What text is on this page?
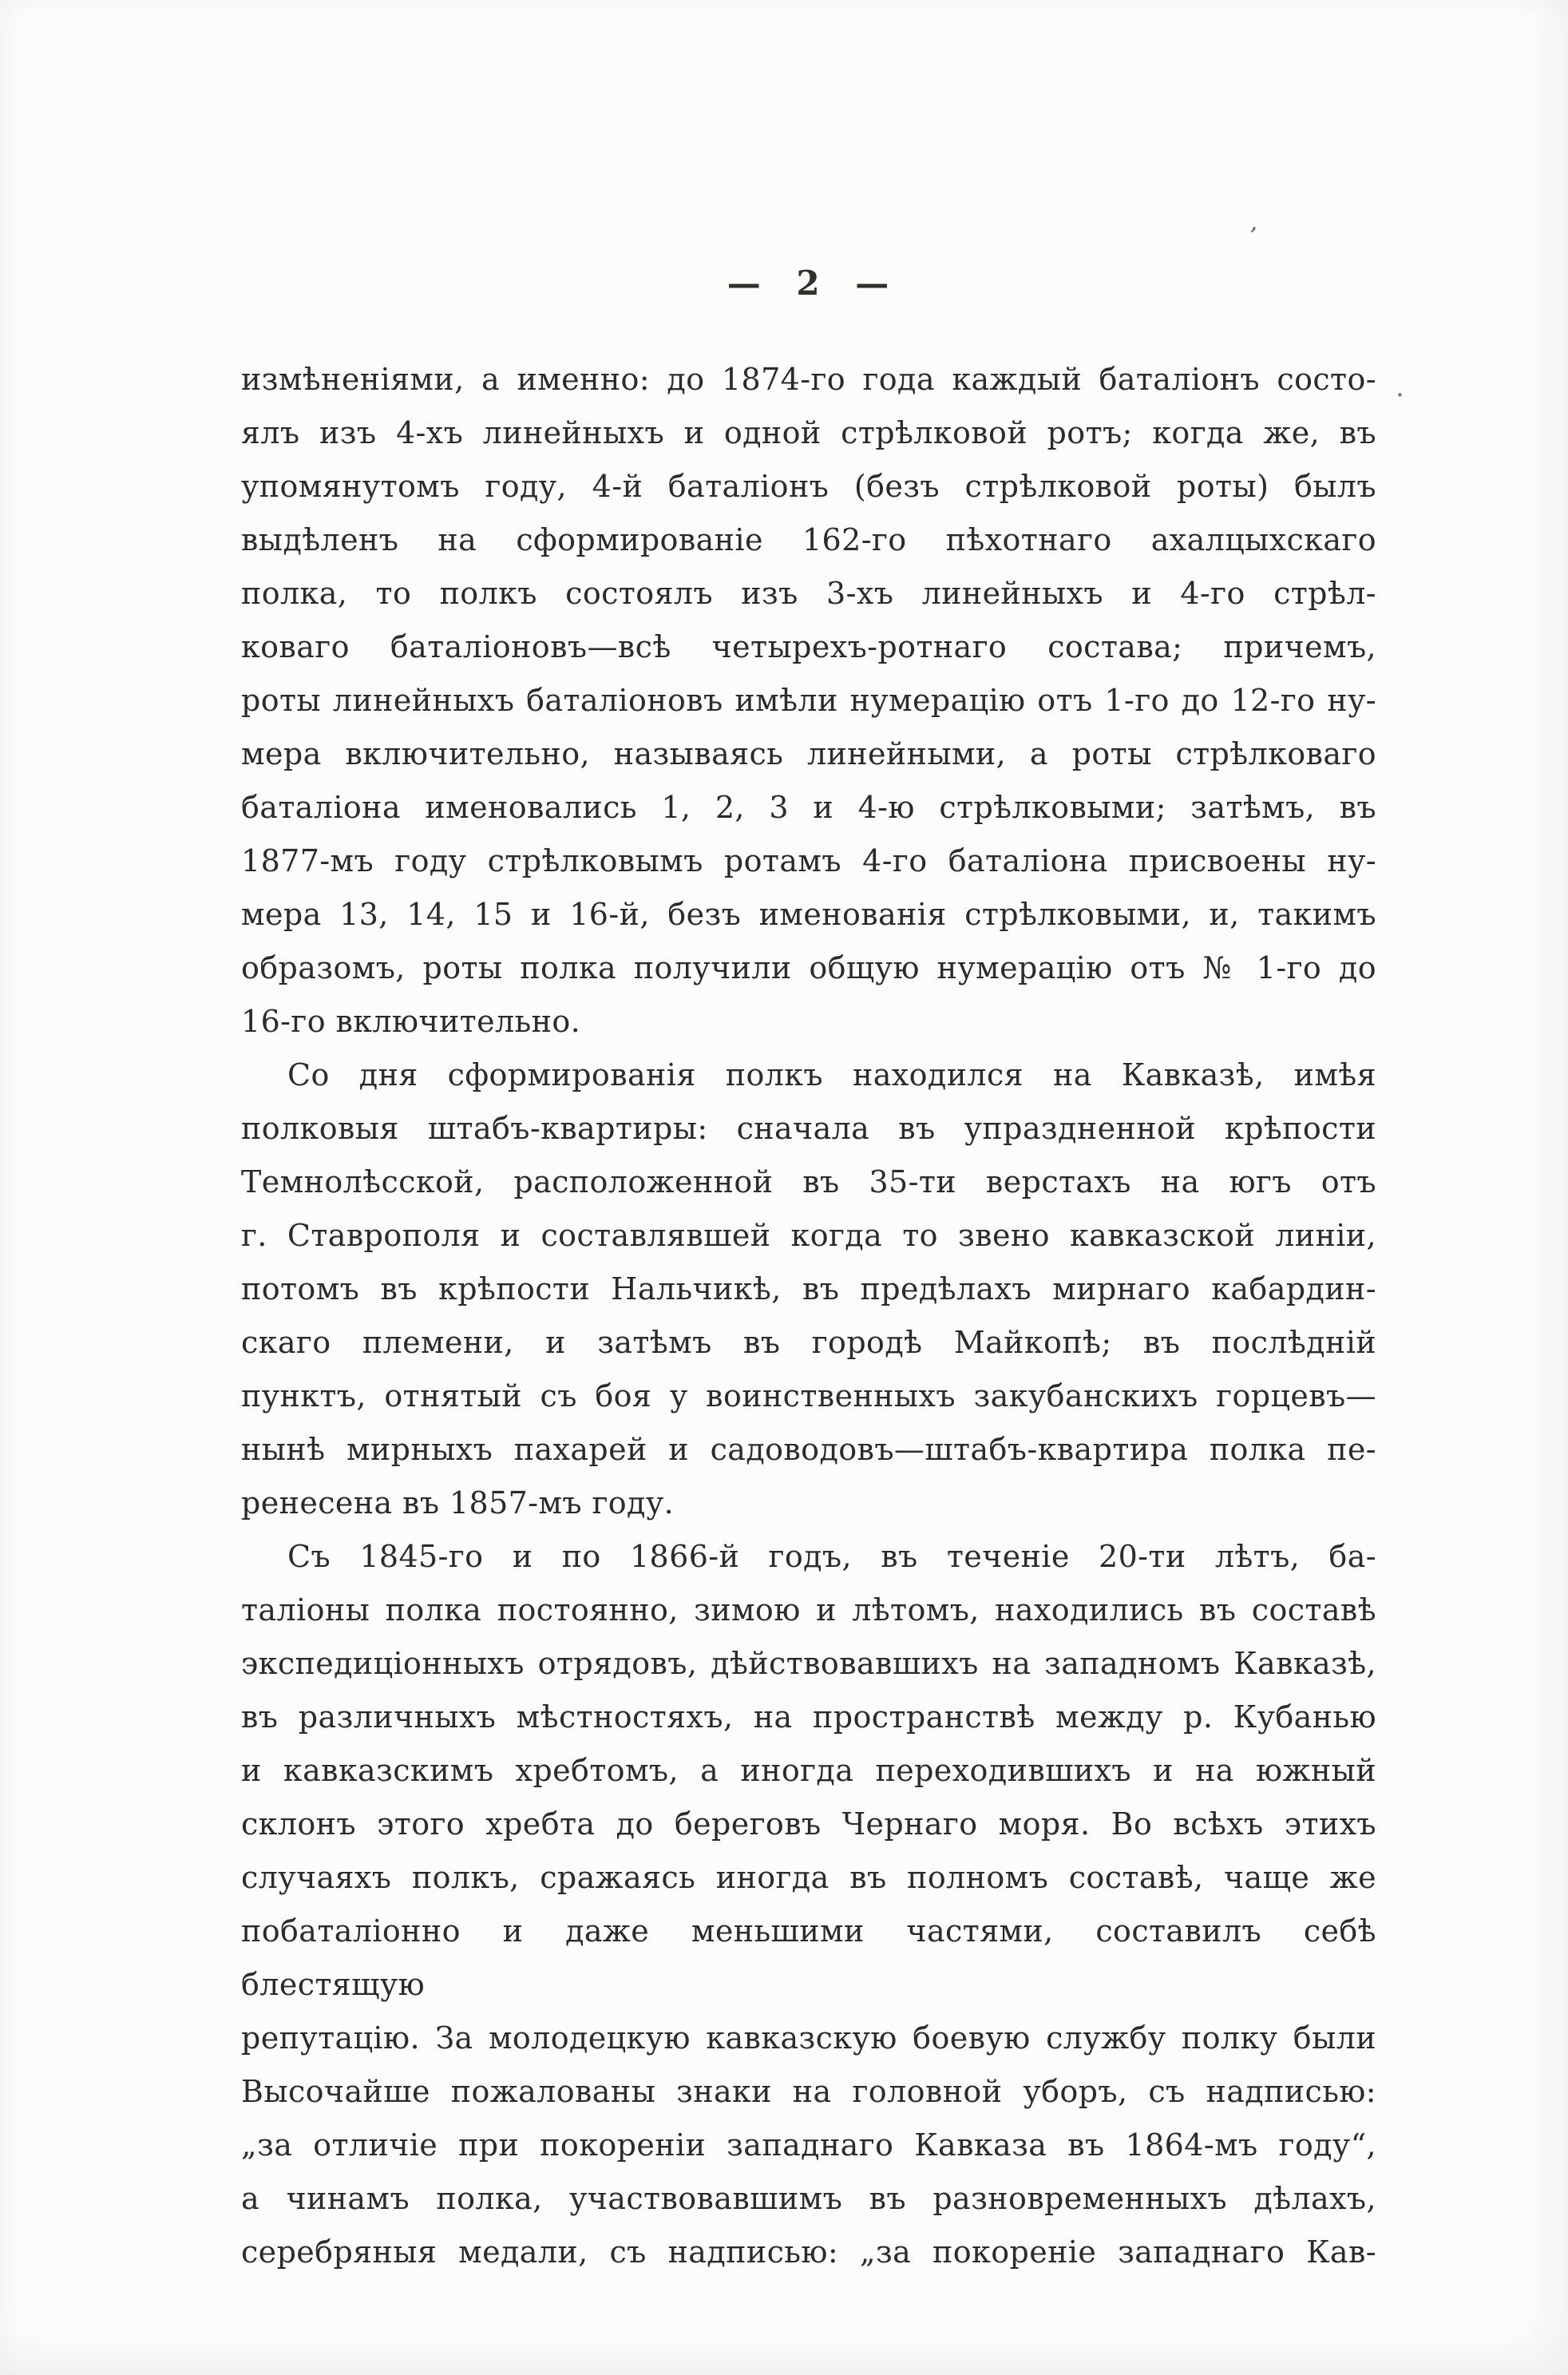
ʼ
.
— 2 —
измѣненіями, а именно: до 1874-го года каждый баталіонъ состо-
ялъ изъ 4-хъ линейныхъ и одной стрѣлковой ротъ; когда же, въ
упомянутомъ году, 4-й баталіонъ (безъ стрѣлковой роты) былъ
выдѣленъ на сформированіе 162-го пѣхотнаго ахалцыхскаго
полка, то полкъ состоялъ изъ 3-хъ линейныхъ и 4-го стрѣл-
коваго баталіоновъ—всѣ четырехъ-ротнаго состава; причемъ,
роты линейныхъ баталіоновъ имѣли нумерацію отъ 1-го до 12-го ну-
мера включительно, называясь линейными, а роты стрѣлковаго
баталіона именовались 1, 2, 3 и 4-ю стрѣлковыми; затѣмъ, въ
1877-мъ году стрѣлковымъ ротамъ 4-го баталіона присвоены ну-
мера 13, 14, 15 и 16-й, безъ именованія стрѣлковыми, и, такимъ
образомъ, роты полка получили общую нумерацію отъ № 1-го до
16-го включительно.
Со дня сформированія полкъ находился на Кавказѣ, имѣя
полковыя штабъ-квартиры: сначала въ упраздненной крѣпости
Темнолѣсской, расположенной въ 35-ти верстахъ на югъ отъ
г. Ставрополя и составлявшей когда то звено кавказской линіи,
потомъ въ крѣпости Нальчикѣ, въ предѣлахъ мирнаго кабардин-
скаго племени, и затѣмъ въ городѣ Майкопѣ; въ послѣдній
пунктъ, отнятый съ боя у воинственныхъ закубанскихъ горцевъ—
нынѣ мирныхъ пахарей и садоводовъ—штабъ-квартира полка пе-
ренесена въ 1857-мъ году.
Съ 1845-го и по 1866-й годъ, въ теченіе 20-ти лѣтъ, ба-
таліоны полка постоянно, зимою и лѣтомъ, находились въ составѣ
экспедиціонныхъ отрядовъ, дѣйствовавшихъ на западномъ Кавказѣ,
въ различныхъ мѣстностяхъ, на пространствѣ между р. Кубанью
и кавказскимъ хребтомъ, а иногда переходившихъ и на южный
склонъ этого хребта до береговъ Чернаго моря. Во всѣхъ этихъ
случаяхъ полкъ, сражаясь иногда въ полномъ составѣ, чаще же
побаталіонно и даже меньшими частями, составилъ себѣ блестящую
репутацію. За молодецкую кавказскую боевую службу полку были
Высочайше пожалованы знаки на головной уборъ, съ надписью:
„за отличіе при покореніи западнаго Кавказа въ 1864-мъ году“,
а чинамъ полка, участвовавшимъ въ разновременныхъ дѣлахъ,
серебряныя медали, съ надписью: „за покореніе западнаго Кав-
